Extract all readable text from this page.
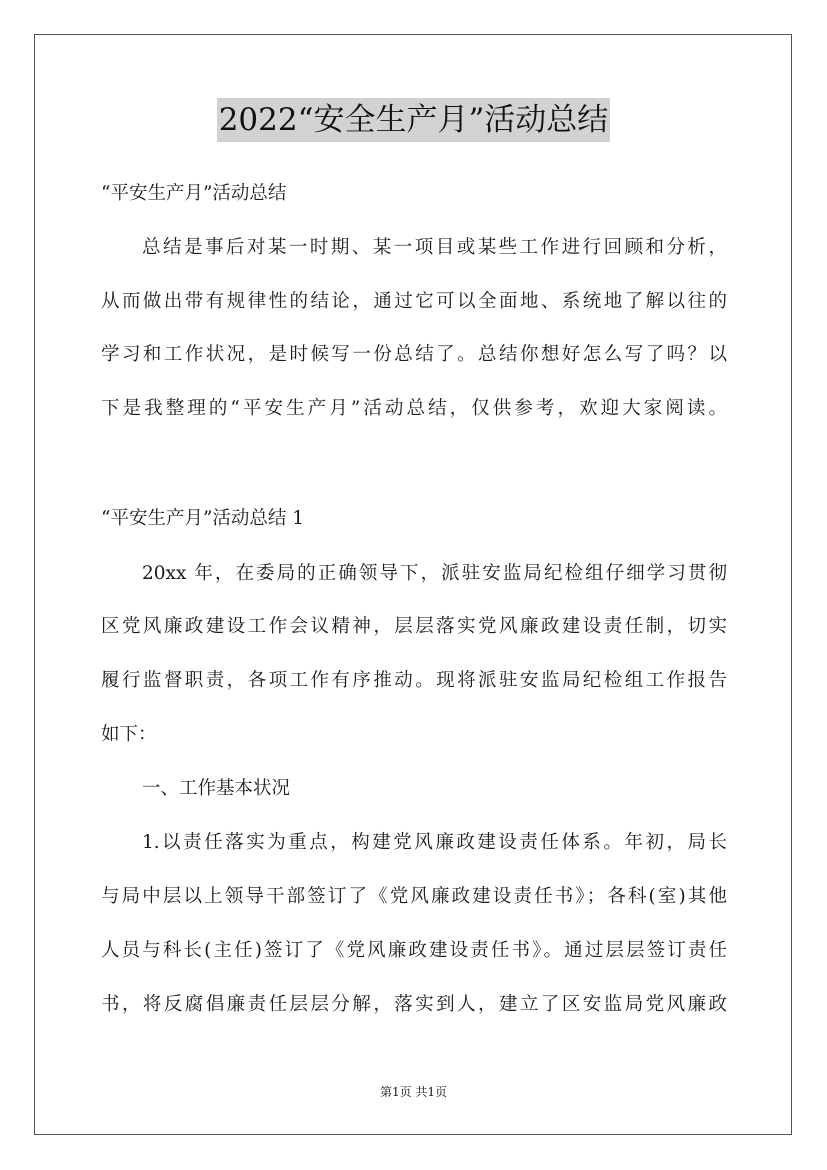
2022“安全生产月”活动总结
“平安生产月”活动总结
总结是事后对某一时期、某一项目或某些工作进行回顾和分析，
从而做出带有规律性的结论，通过它可以全面地、系统地了解以往的
学习和工作状况，是时候写一份总结了。总结你想好怎么写了吗？以
下是我整理的“平安生产月”活动总结，仅供参考，欢迎大家阅读。
“平安生产月”活动总结 1
20xx 年，在委局的正确领导下，派驻安监局纪检组仔细学习贯彻
区党风廉政建设工作会议精神，层层落实党风廉政建设责任制，切实
履行监督职责，各项工作有序推动。现将派驻安监局纪检组工作报告
如下：
一、工作基本状况
1.以责任落实为重点，构建党风廉政建设责任体系。年初，局长
与局中层以上领导干部签订了《党风廉政建设责任书》；各科(室)其他
人员与科长(主任)签订了《党风廉政建设责任书》。通过层层签订责任
书，将反腐倡廉责任层层分解，落实到人，建立了区安监局党风廉政
第1页 共1页
